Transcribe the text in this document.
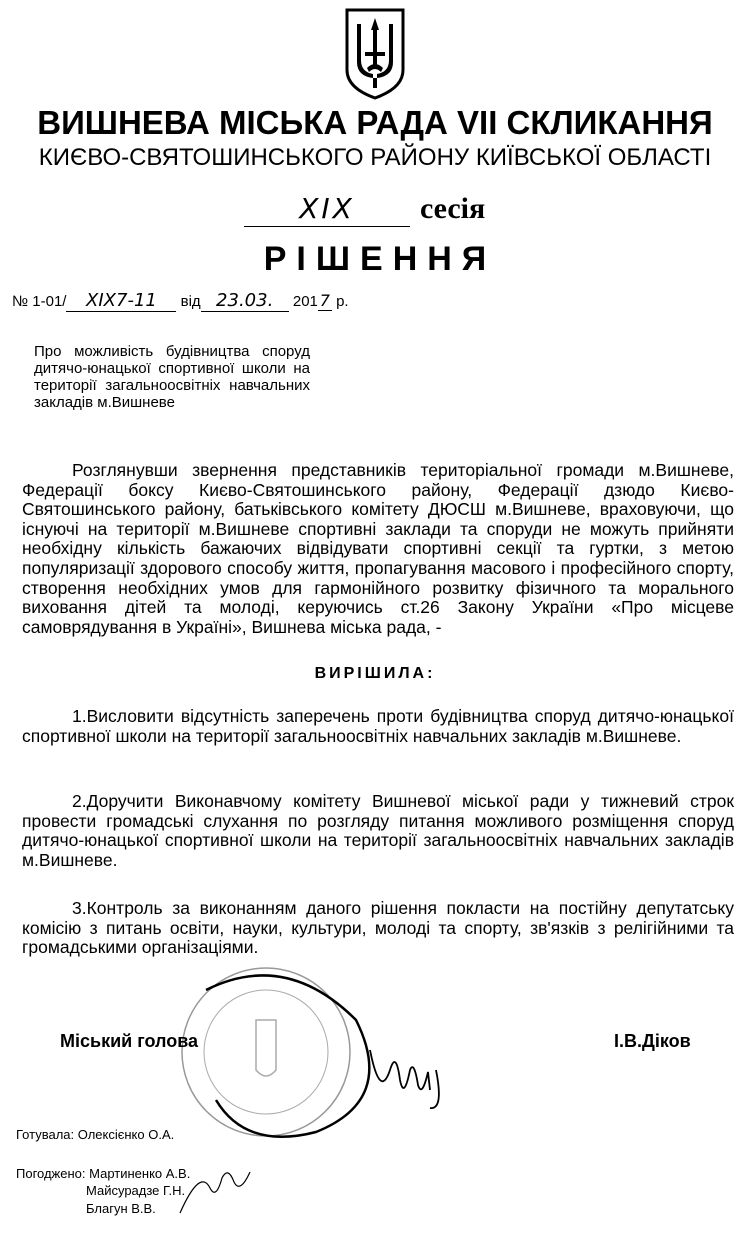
ВИШНЕВА МІСЬКА РАДА VII СКЛИКАННЯ
КИЄВО-СВЯТОШИНСЬКОГО РАЙОНУ КИЇВСЬКОЇ ОБЛАСТІ
XIX	сесія
РІШЕННЯ
№ 1-01/ XIX7-11 від 23.03. 201 7 р.
Про можливість будівництва споруд дитячо-юнацької спортивної школи на території загальноосвітніх навчальних закладів м.Вишневе
Розглянувши звернення представників територіальної громади м.Вишневе, Федерації боксу Києво-Святошинського району, Федерації дзюдо Києво-Святошинського району, батьківського комітету ДЮСШ м.Вишневе, враховуючи, що існуючі на території м.Вишневе спортивні заклади та споруди не можуть прийняти необхідну кількість бажаючих відвідувати спортивні секції та гуртки, з метою популяризації здорового способу життя, пропагування масового і професійного спорту, створення необхідних умов для гармонійного розвитку фізичного та морального виховання дітей та молоді, керуючись ст.26 Закону України «Про місцеве самоврядування в Україні», Вишнева міська рада, -
ВИРІШИЛА:
1.Висловити відсутність заперечень проти будівництва споруд дитячо-юнацької спортивної школи на території загальноосвітніх навчальних закладів м.Вишневе.
2.Доручити Виконавчому комітету Вишневої міської ради у тижневий строк провести громадські слухання по розгляду питання можливого розміщення споруд дитячо-юнацької спортивної школи на території загальноосвітніх навчальних закладів м.Вишневе.
3.Контроль за виконанням даного рішення покласти на постійну депутатську комісію з питань освіти, науки, культури, молоді та спорту, зв'язків з релігійними та громадськими організаціями.
Міський голова	І.В.Діков
Готувала: Олексієнко О.А.
Погоджено: Мартиненко А.В.
Майсурадзе Г.Н.
Благун В.В.
